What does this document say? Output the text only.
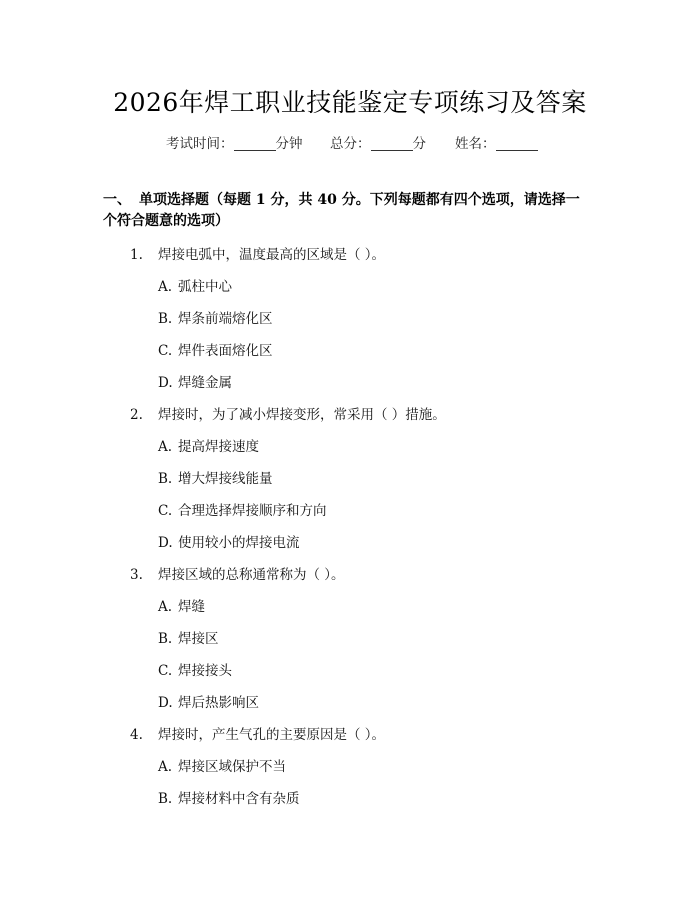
2026年焊工职业技能鉴定专项练习及答案
考试时间：	分钟 总分：	分 姓名：
一、 单项选择题（每题 1 分，共 40 分。下列每题都有四个选项，请选择一个符合题意的选项）
1. 焊接电弧中，温度最高的区域是（ ）。
A. 弧柱中心
B. 焊条前端熔化区
C. 焊件表面熔化区
D. 焊缝金属
2. 焊接时，为了减小焊接变形，常采用（ ）措施。
A. 提高焊接速度
B. 增大焊接线能量
C. 合理选择焊接顺序和方向
D. 使用较小的焊接电流
3. 焊接区域的总称通常称为（ ）。
A. 焊缝
B. 焊接区
C. 焊接接头
D. 焊后热影响区
4. 焊接时，产生气孔的主要原因是（ ）。
A. 焊接区域保护不当
B. 焊接材料中含有杂质
